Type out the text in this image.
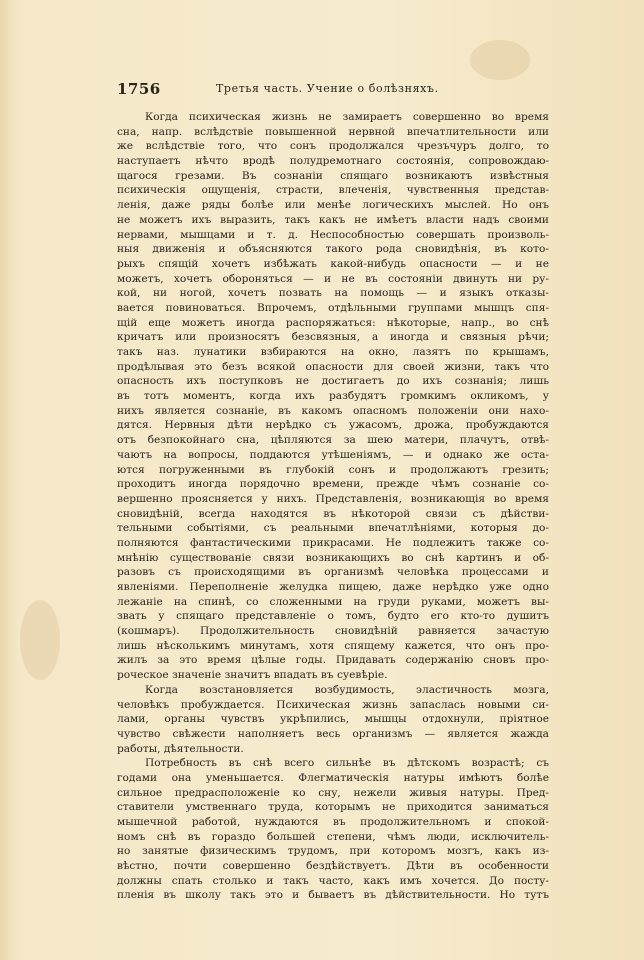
1756	Третья часть. Учение о болѣзняхъ.
Когда психическая жизнь не замираетъ совершенно во время
сна, напр. вслѣдствіе повышенной нервной впечатлительности или
же вслѣдствіе того, что сонъ продолжался чрезъчуръ долго, то
наступаетъ нѣчто вродѣ полудремотнаго состоянія, сопровождаю-
щагося грезами. Въ сознаніи спящаго возникаютъ извѣстныя
психическія ощущенія, страсти, влеченія, чувственныя представ-
ленія, даже ряды болѣе или менѣе логическихъ мыслей. Но онъ
не можетъ ихъ выразить, такъ какъ не имѣетъ власти надъ своими
нервами, мышцами и т. д. Неспособностью совершать произволь-
ныя движенія и объясняются такого рода сновидѣнія, въ кото-
рыхъ спящій хочетъ избѣжать какой-нибудь опасности — и не
можетъ, хочетъ обороняться — и не въ состояніи двинуть ни ру-
кой, ни ногой, хочетъ позвать на помощь — и языкъ отказы-
вается повиноваться. Впрочемъ, отдѣльными группами мышцъ спя-
щій еще можетъ иногда распоряжаться: нѣкоторые, напр., во снѣ
кричатъ или произносятъ безсвязныя, а иногда и связныя рѣчи;
такъ наз. лунатики взбираются на окно, лазятъ по крышамъ,
продѣлывая это безъ всякой опасности для своей жизни, такъ что
опасность ихъ поступковъ не достигаетъ до ихъ сознанія; лишь
въ тотъ моментъ, когда ихъ разбудятъ громкимъ окликомъ, у
нихъ является сознаніе, въ какомъ опасномъ положеніи они нахо-
дятся. Нервныя дѣти нерѣдко съ ужасомъ, дрожа, пробуждаются
отъ безпокойнаго сна, цѣпляются за шею матери, плачутъ, отвѣ-
чаютъ на вопросы, поддаются утѣшеніямъ, — и однако же оста-
ются погруженными въ глубокій сонъ и продолжаютъ грезить;
проходитъ иногда порядочно времени, прежде чѣмъ сознаніе со-
вершенно проясняется у нихъ. Представленія, возникающія во время
сновидѣній, всегда находятся въ нѣкоторой связи съ дѣйстви-
тельными событіями, съ реальными впечатлѣніями, которыя до-
полняются фантастическими прикрасами. Не подлежитъ также со-
мнѣнію существованіе связи возникающихъ во снѣ картинъ и об-
разовъ съ происходящими въ организмѣ человѣка процессами и
явленіями. Переполненіе желудка пищею, даже нерѣдко уже одно
лежаніе на спинѣ, со сложенными на груди руками, можетъ вы-
звать у спящаго представленіе о томъ, будто его кто-то душитъ
(кошмаръ). Продолжительность сновидѣній равняется зачастую
лишь нѣсколькимъ минутамъ, хотя спящему кажется, что онъ про-
жилъ за это время цѣлые годы. Придавать содержанію сновъ про-
роческое значеніе значитъ впадать въ суевѣріе.
Когда возстановляется возбудимость, эластичность мозга,
человѣкъ пробуждается. Психическая жизнь запаслась новыми си-
лами, органы чувствъ укрѣпились, мышцы отдохнули, пріятное
чувство свѣжести наполняетъ весь организмъ — является жажда
работы, дѣятельности.
Потребность въ снѣ всего сильнѣе въ дѣтскомъ возрастѣ; съ
годами она уменьшается. Флегматическія натуры имѣютъ болѣе
сильное предрасположеніе ко сну, нежели живыя натуры. Пред-
ставители умственнаго труда, которымъ не приходится заниматься
мышечной работой, нуждаются въ продолжительномъ и спокой-
номъ снѣ въ гораздо большей степени, чѣмъ люди, исключитель-
но занятые физическимъ трудомъ, при которомъ мозгъ, какъ из-
вѣстно, почти совершенно бездѣйствуетъ. Дѣти въ особенности
должны спать столько и такъ часто, какъ имъ хочется. До посту-
пленія въ школу такъ это и бываетъ въ дѣйствительности. Но тутъ
